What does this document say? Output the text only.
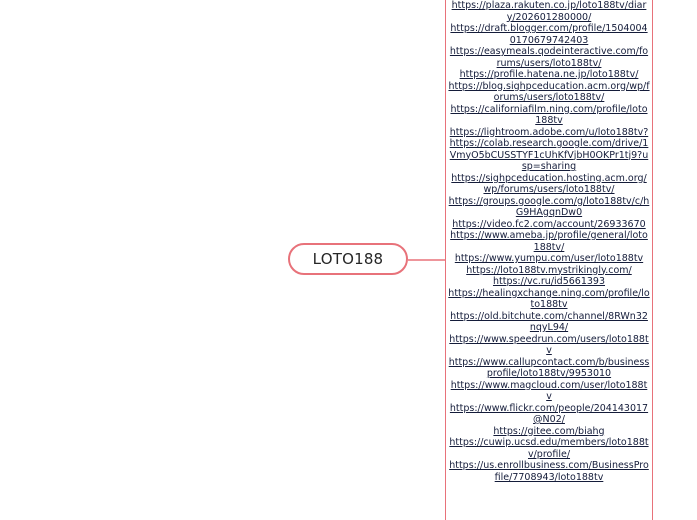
LOTO188
https://plaza.rakuten.co.jp/loto188tv/diary/202601280000/
https://draft.blogger.com/profile/15040040170679742403
https://easymeals.qodeinteractive.com/forums/users/loto188tv/
https://profile.hatena.ne.jp/loto188tv/
https://blog.sighpceducation.acm.org/wp/forums/users/loto188tv/
https://californiafilm.ning.com/profile/loto188tv
https://lightroom.adobe.com/u/loto188tv?
https://colab.research.google.com/drive/1VmyO5bCUSSTYF1cUhKfVjbH0OKPr1tj9?usp=sharing
https://sighpceducation.hosting.acm.org/wp/forums/users/loto188tv/
https://groups.google.com/g/loto188tv/c/hG9HAgqnDw0
https://video.fc2.com/account/26933670
https://www.ameba.jp/profile/general/loto188tv/
https://www.yumpu.com/user/loto188tv
https://loto188tv.mystrikingly.com/
https://vc.ru/id5661393
https://healingxchange.ning.com/profile/loto188tv
https://old.bitchute.com/channel/8RWn32nqyL94/
https://www.speedrun.com/users/loto188tv
https://www.callupcontact.com/b/businessprofile/loto188tv/9953010
https://www.magcloud.com/user/loto188tv
https://www.flickr.com/people/204143017@N02/
https://gitee.com/biahg
https://cuwip.ucsd.edu/members/loto188tv/profile/
https://us.enrollbusiness.com/BusinessProfile/7708943/loto188tv
